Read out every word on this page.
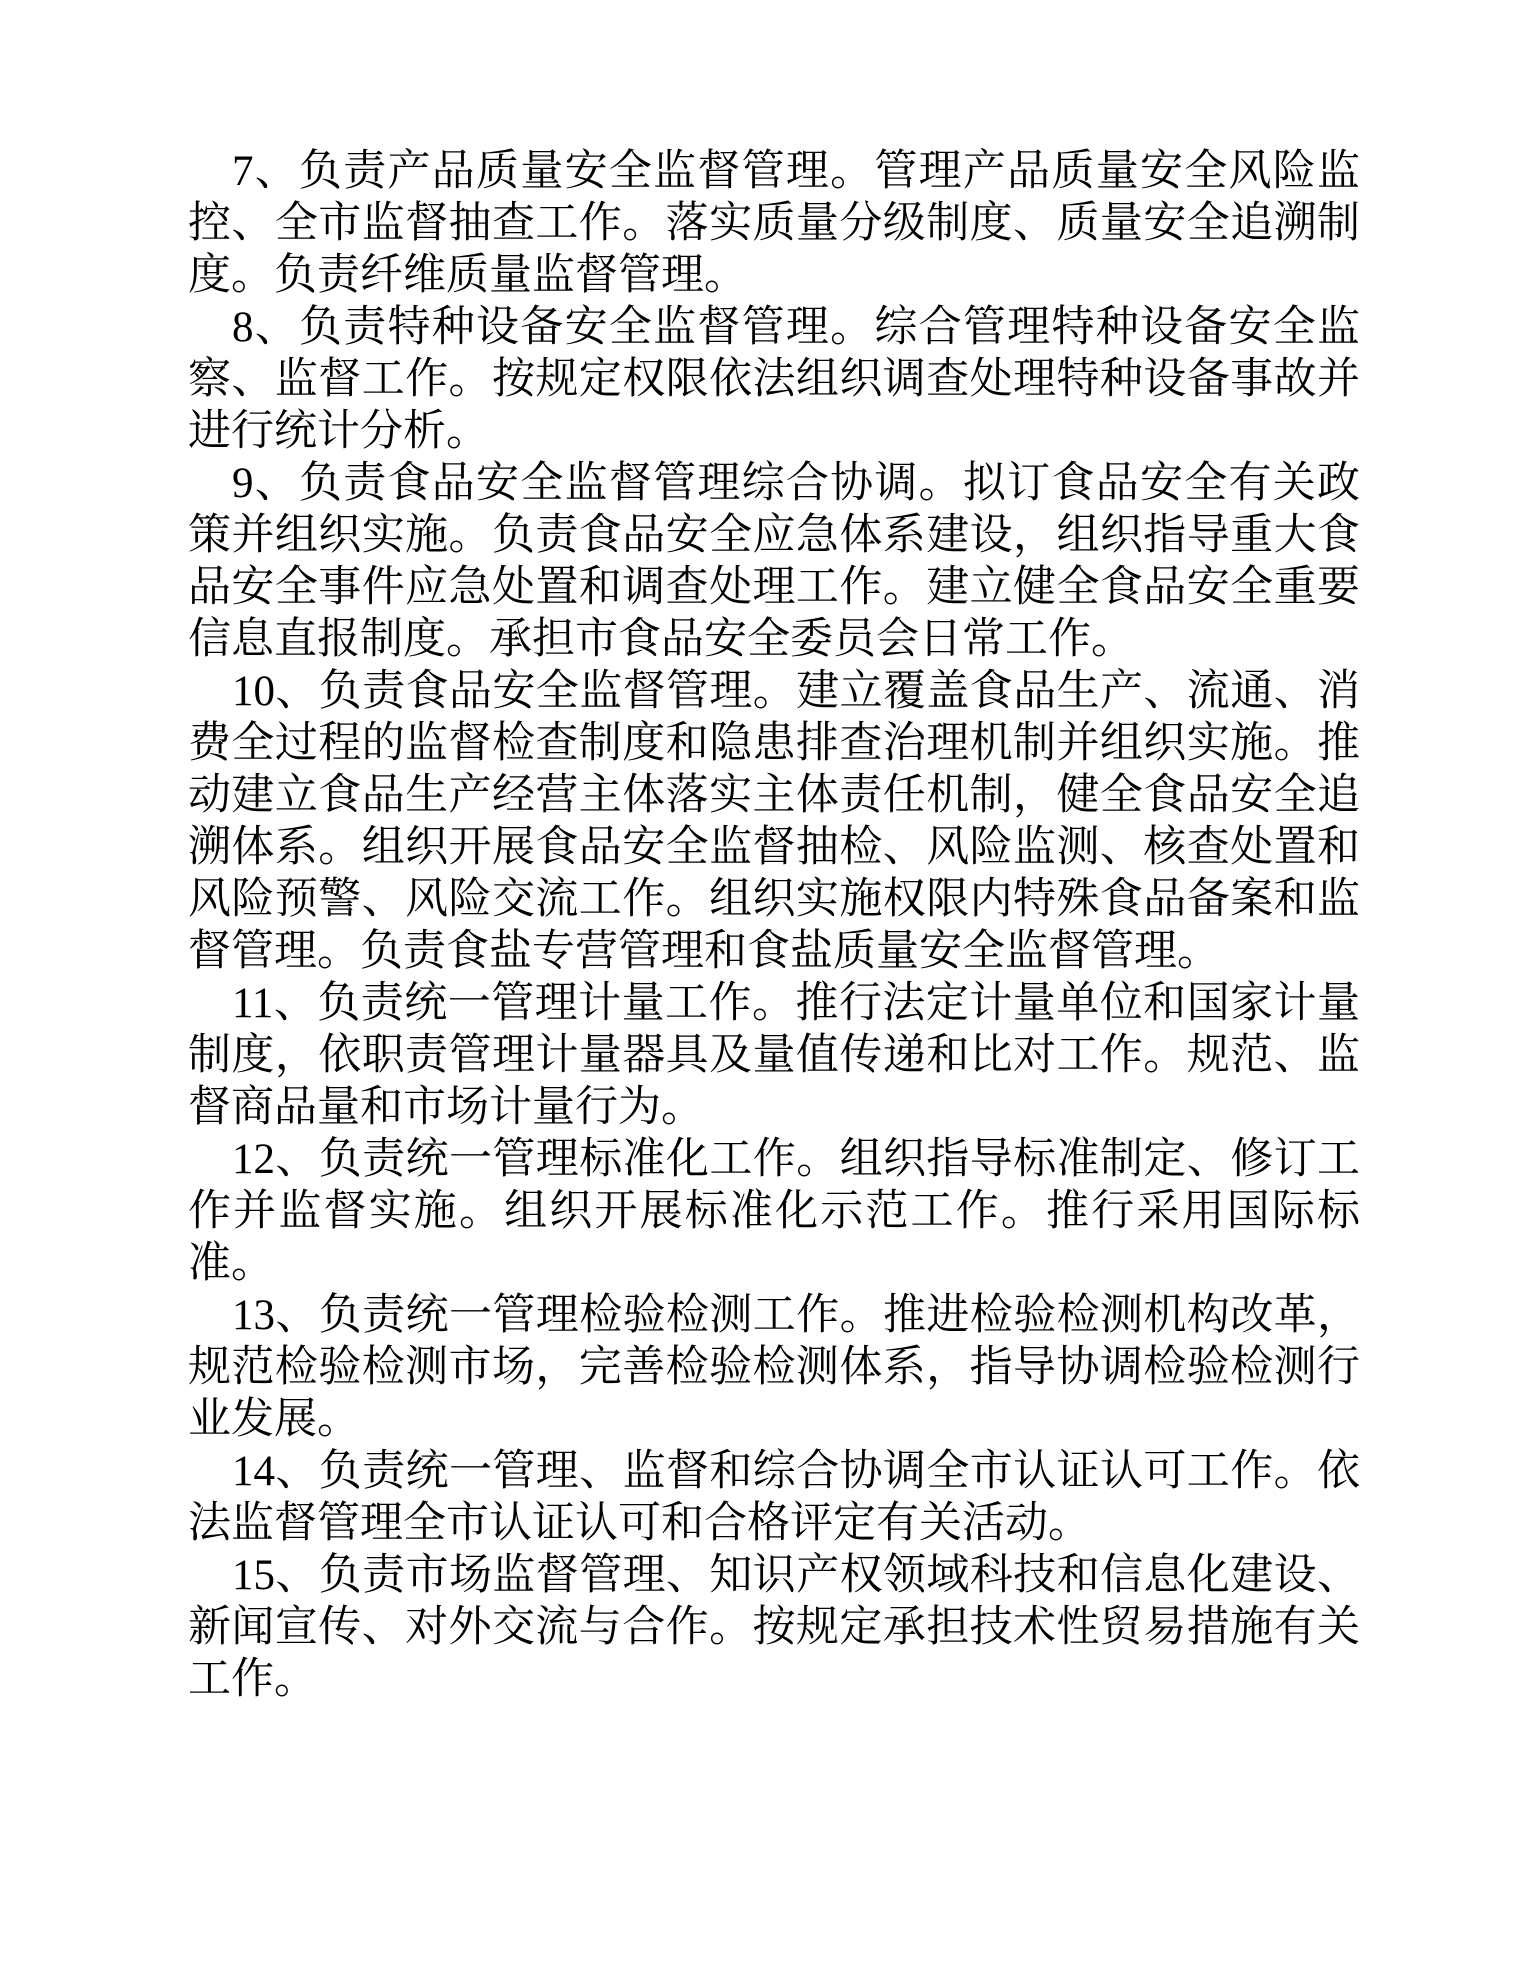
7、负责产品质量安全监督管理。管理产品质量安全风险监控、全市监督抽查工作。落实质量分级制度、质量安全追溯制度。负责纤维质量监督管理。

8、负责特种设备安全监督管理。综合管理特种设备安全监察、监督工作。按规定权限依法组织调查处理特种设备事故并进行统计分析。

9、负责食品安全监督管理综合协调。拟订食品安全有关政策并组织实施。负责食品安全应急体系建设，组织指导重大食品安全事件应急处置和调查处理工作。建立健全食品安全重要信息直报制度。承担市食品安全委员会日常工作。

10、负责食品安全监督管理。建立覆盖食品生产、流通、消费全过程的监督检查制度和隐患排查治理机制并组织实施。推动建立食品生产经营主体落实主体责任机制，健全食品安全追溯体系。组织开展食品安全监督抽检、风险监测、核查处置和风险预警、风险交流工作。组织实施权限内特殊食品备案和监督管理。负责食盐专营管理和食盐质量安全监督管理。

11、负责统一管理计量工作。推行法定计量单位和国家计量制度，依职责管理计量器具及量值传递和比对工作。规范、监督商品量和市场计量行为。

12、负责统一管理标准化工作。组织指导标准制定、修订工作并监督实施。组织开展标准化示范工作。推行采用国际标准。

13、负责统一管理检验检测工作。推进检验检测机构改革，规范检验检测市场，完善检验检测体系，指导协调检验检测行业发展。

14、负责统一管理、监督和综合协调全市认证认可工作。依法监督管理全市认证认可和合格评定有关活动。

15、负责市场监督管理、知识产权领域科技和信息化建设、新闻宣传、对外交流与合作。按规定承担技术性贸易措施有关工作。
